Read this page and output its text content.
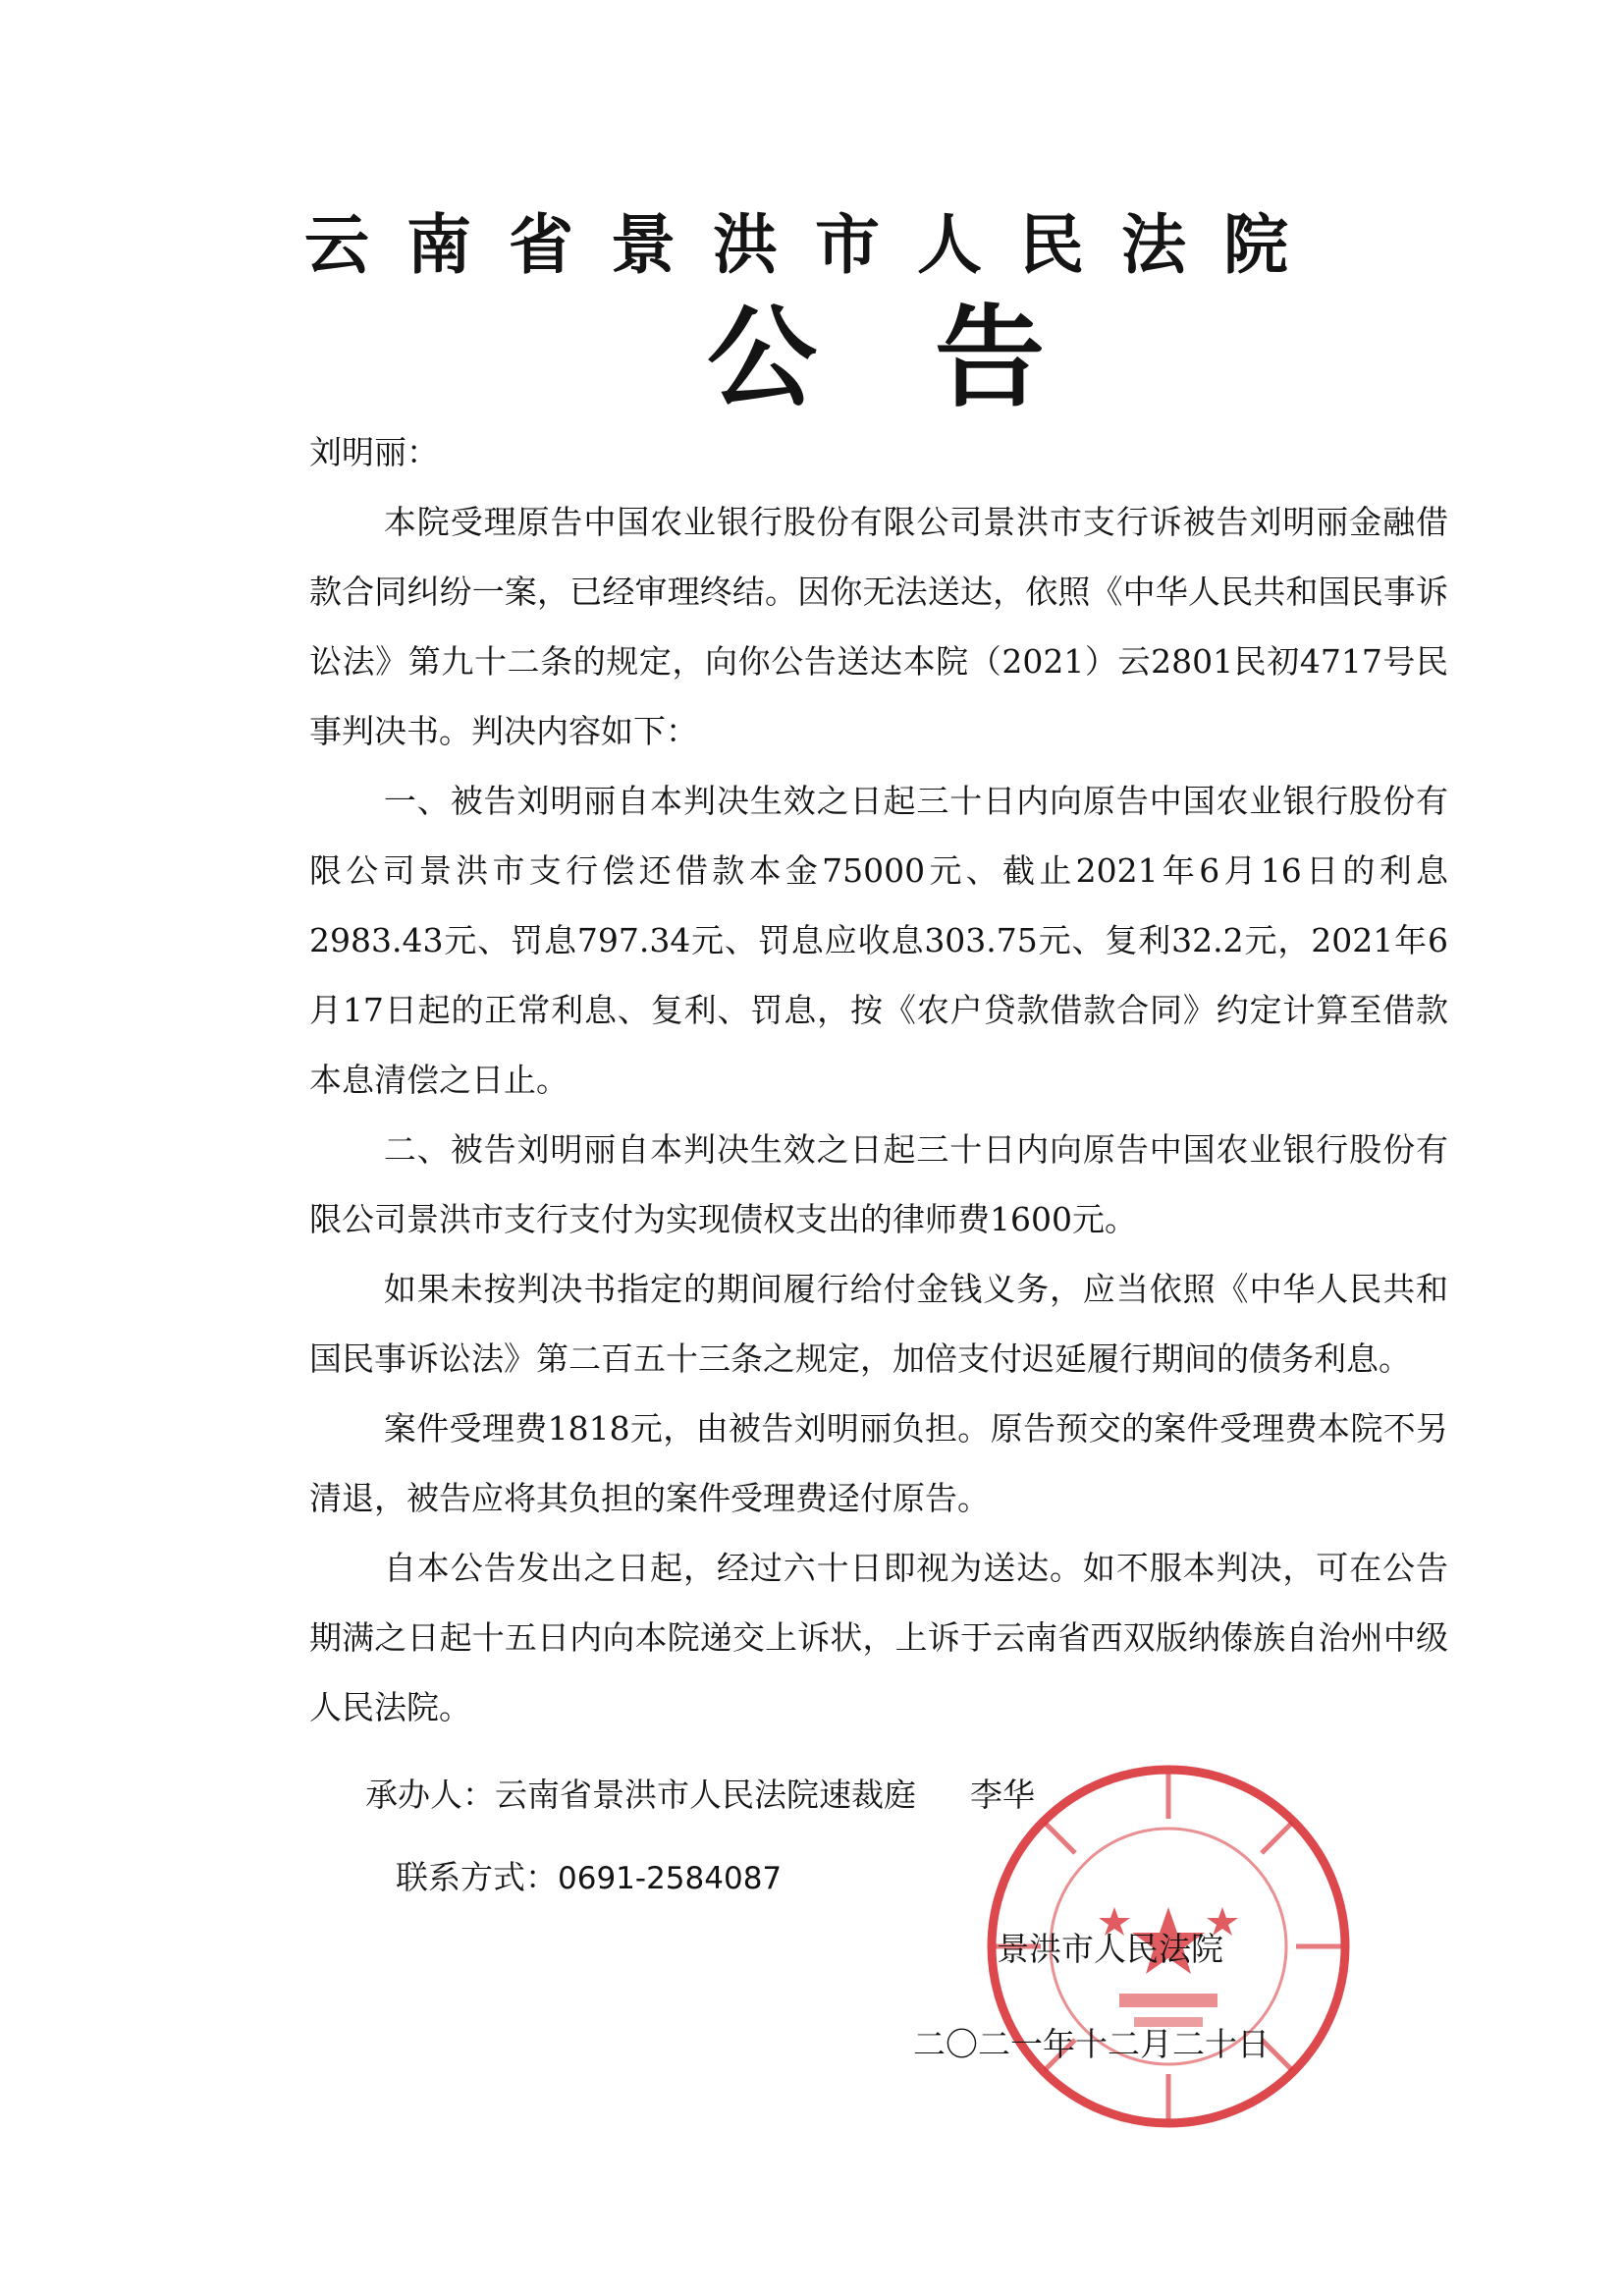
云南省景洪市人民法院
公告

刘明丽：

本院受理原告中国农业银行股份有限公司景洪市支行诉被告刘明丽金融借款合同纠纷一案，已经审理终结。因你无法送达，依照《中华人民共和国民事诉讼法》第九十二条的规定，向你公告送达本院（2021）云2801民初4717号民事判决书。判决内容如下：

一、被告刘明丽自本判决生效之日起三十日内向原告中国农业银行股份有限公司景洪市支行偿还借款本金75000元、截止2021年6月16日的利息2983.43元、罚息797.34元、罚息应收息303.75元、复利32.2元，2021年6月17日起的正常利息、复利、罚息，按《农户贷款借款合同》约定计算至借款本息清偿之日止。

二、被告刘明丽自本判决生效之日起三十日内向原告中国农业银行股份有限公司景洪市支行支付为实现债权支出的律师费1600元。

如果未按判决书指定的期间履行给付金钱义务，应当依照《中华人民共和国民事诉讼法》第二百五十三条之规定，加倍支付迟延履行期间的债务利息。

案件受理费1818元，由被告刘明丽负担。原告预交的案件受理费本院不另清退，被告应将其负担的案件受理费迳付原告。

自本公告发出之日起，经过六十日即视为送达。如不服本判决，可在公告期满之日起十五日内向本院递交上诉状，上诉于云南省西双版纳傣族自治州中级人民法院。

承办人：云南省景洪市人民法院速裁庭 李华
联系方式：0691-2584087
景洪市人民法院
二〇二一年十二月二十日
